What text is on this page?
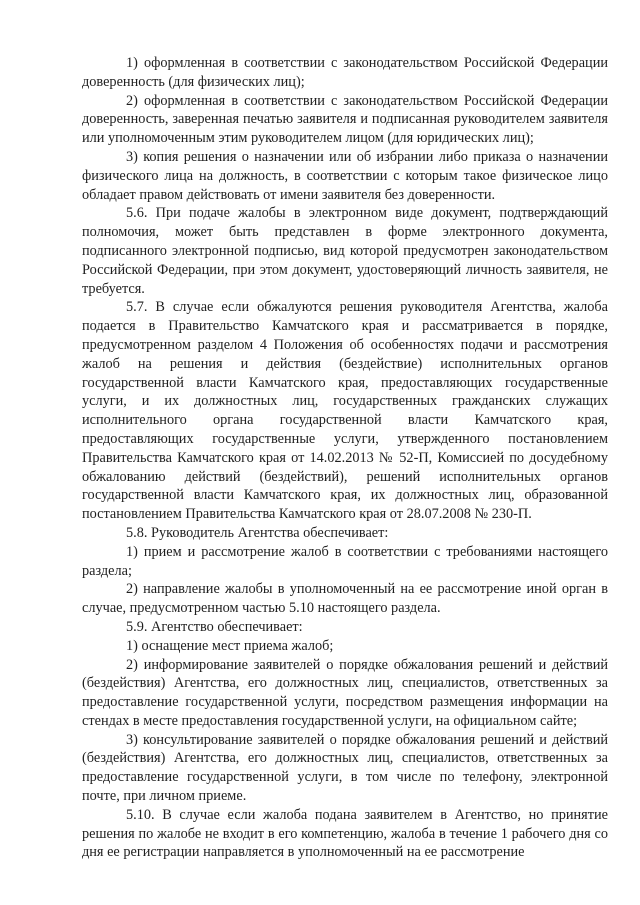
1) оформленная в соответствии с законодательством Российской Федерации доверенность (для физических лиц);

2) оформленная в соответствии с законодательством Российской Федерации доверенность, заверенная печатью заявителя и подписанная руководителем заявителя или уполномоченным этим руководителем лицом (для юридических лиц);

3) копия решения о назначении или об избрании либо приказа о назначении физического лица на должность, в соответствии с которым такое физическое лицо обладает правом действовать от имени заявителя без доверенности.

5.6. При подаче жалобы в электронном виде документ, подтверждающий полномочия, может быть представлен в форме электронного документа, подписанного электронной подписью, вид которой предусмотрен законодательством Российской Федерации, при этом документ, удостоверяющий личность заявителя, не требуется.

5.7. В случае если обжалуются решения руководителя Агентства, жалоба подается в Правительство Камчатского края и рассматривается в порядке, предусмотренном разделом 4 Положения об особенностях подачи и рассмотрения жалоб на решения и действия (бездействие) исполнительных органов государственной власти Камчатского края, предоставляющих государственные услуги, и их должностных лиц, государственных гражданских служащих исполнительного органа государственной власти Камчатского края, предоставляющих государственные услуги, утвержденного постановлением Правительства Камчатского края от 14.02.2013 № 52-П, Комиссией по досудебному обжалованию действий (бездействий), решений исполнительных органов государственной власти Камчатского края, их должностных лиц, образованной постановлением Правительства Камчатского края от 28.07.2008 № 230-П.

5.8. Руководитель Агентства обеспечивает:

1) прием и рассмотрение жалоб в соответствии с требованиями настоящего раздела;

2) направление жалобы в уполномоченный на ее рассмотрение иной орган в случае, предусмотренном частью 5.10 настоящего раздела.

5.9. Агентство обеспечивает:

1) оснащение мест приема жалоб;

2) информирование заявителей о порядке обжалования решений и действий (бездействия) Агентства, его должностных лиц, специалистов, ответственных за предоставление государственной услуги, посредством размещения информации на стендах в месте предоставления государственной услуги, на официальном сайте;

3) консультирование заявителей о порядке обжалования решений и действий (бездействия) Агентства, его должностных лиц, специалистов, ответственных за предоставление государственной услуги, в том числе по телефону, электронной почте, при личном приеме.

5.10. В случае если жалоба подана заявителем в Агентство, но принятие решения по жалобе не входит в его компетенцию, жалоба в течение 1 рабочего дня со дня ее регистрации направляется в уполномоченный на ее рассмотрение
